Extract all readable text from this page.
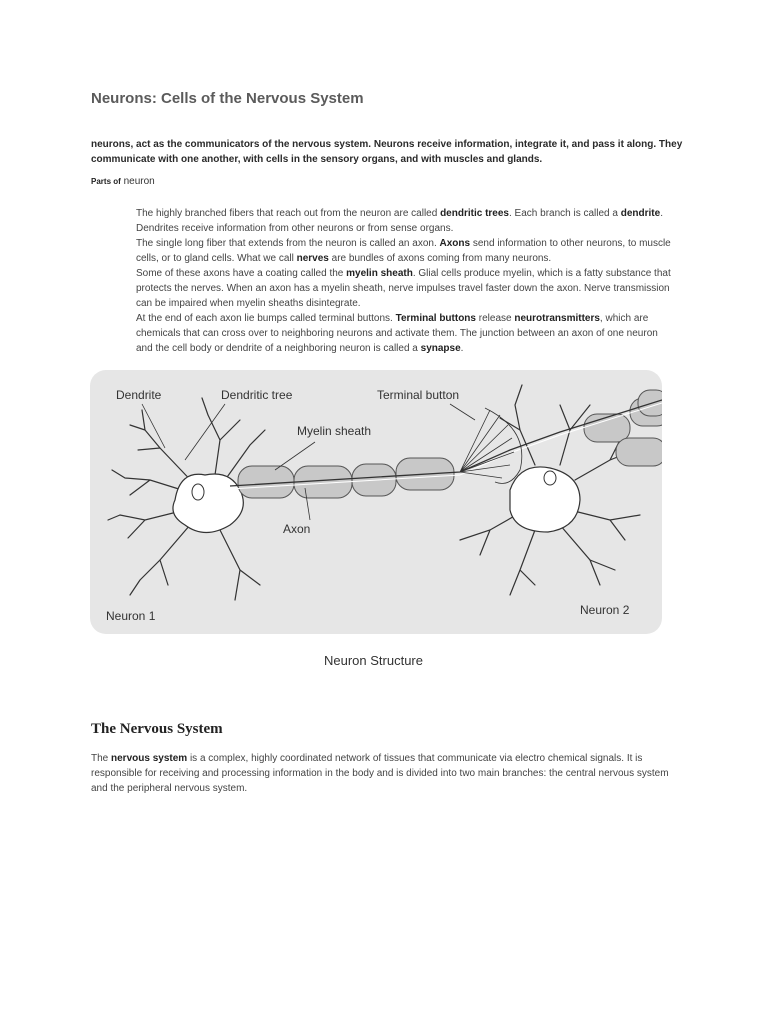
Neurons: Cells of the Nervous System

neurons, act as the communicators of the nervous system. Neurons receive information, integrate it, and pass it along. They communicate with one another, with cells in the sensory organs, and with muscles and glands.

Parts of neuron

The highly branched fibers that reach out from the neuron are called dendritic trees. Each branch is called a dendrite. Dendrites receive information from other neurons or from sense organs.

The single long fiber that extends from the neuron is called an axon. Axons send information to other neurons, to muscle cells, or to gland cells. What we call nerves are bundles of axons coming from many neurons.

Some of these axons have a coating called the myelin sheath. Glial cells produce myelin, which is a fatty substance that protects the nerves. When an axon has a myelin sheath, nerve impulses travel faster down the axon. Nerve transmission can be impaired when myelin sheaths disintegrate.

At the end of each axon lie bumps called terminal buttons. Terminal buttons release neurotransmitters, which are chemicals that can cross over to neighboring neurons and activate them. The junction between an axon of one neuron and the cell body or dendrite of a neighboring neuron is called a synapse.

Dendrite	Dendritic tree	Terminal button
Myelin sheath
Axon
Neuron 1	Neuron 2
Neuron Structure
The Nervous System

The nervous system is a complex, highly coordinated network of tissues that communicate via electro chemical signals. It is responsible for receiving and processing information in the body and is divided into two main branches: the central nervous system and the peripheral nervous system.
